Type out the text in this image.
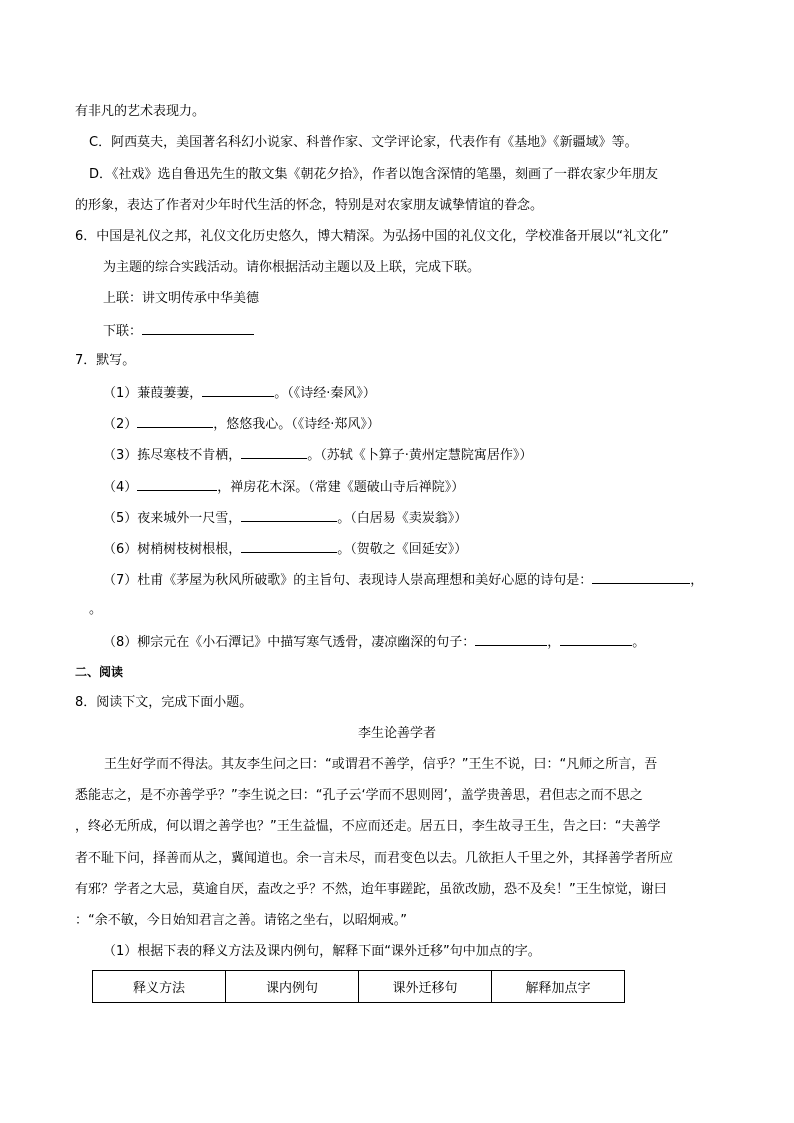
有非凡的艺术表现力。
C．阿西莫夫，美国著名科幻小说家、科普作家、文学评论家，代表作有《基地》《新疆域》等。
D．《社戏》选自鲁迅先生的散文集《朝花夕拾》，作者以饱含深情的笔墨，刻画了一群农家少年朋友
的形象，表达了作者对少年时代生活的怀念，特别是对农家朋友诚挚情谊的眷念。
6．中国是礼仪之邦，礼仪文化历史悠久，博大精深。为弘扬中国的礼仪文化，学校准备开展以“礼文化”
为主题的综合实践活动。请你根据活动主题以及上联，完成下联。
上联：讲文明传承中华美德
下联：
7．默写。
（1）蒹葭萋萋，	。（《诗经·秦风》）
（2）	，悠悠我心。（《诗经·郑风》）
（3）拣尽寒枝不肯栖，	。（苏轼《卜算子·黄州定慧院寓居作》）
（4）	，禅房花木深。（常建《题破山寺后禅院》）
（5）夜来城外一尺雪，	。（白居易《卖炭翁》）
（6）树梢树枝树根根，	。（贺敬之《回延安》）
（7）杜甫《茅屋为秋风所破歌》的主旨句、表现诗人崇高理想和美好心愿的诗句是：	，
。
（8）柳宗元在《小石潭记》中描写寒气透骨，凄凉幽深的句子：	，	。
二、阅读
8．阅读下文，完成下面小题。
李生论善学者
王生好学而不得法。其友李生问之曰：“或谓君不善学，信乎？”王生不说，曰：“凡师之所言，吾
悉能志之，是不亦善学乎？”李生说之曰：“孔子云‘学而不思则罔’，盖学贵善思，君但志之而不思之
，终必无所成，何以谓之善学也？”王生益愠，不应而还走。居五日，李生故寻王生，告之曰：“夫善学
者不耻下问，择善而从之，冀闻道也。余一言未尽，而君变色以去。几欲拒人千里之外，其择善学者所应
有邪？学者之大忌，莫逾自厌，盍改之乎？不然，迨年事蹉跎，虽欲改励，恐不及矣！”王生惊觉，谢曰
：“余不敏，今日始知君言之善。请铭之坐右，以昭炯戒。”
（1）根据下表的释义方法及课内例句，解释下面“课外迁移”句中加点的字。
释义方法	课内例句	课外迁移句	解释加点字
